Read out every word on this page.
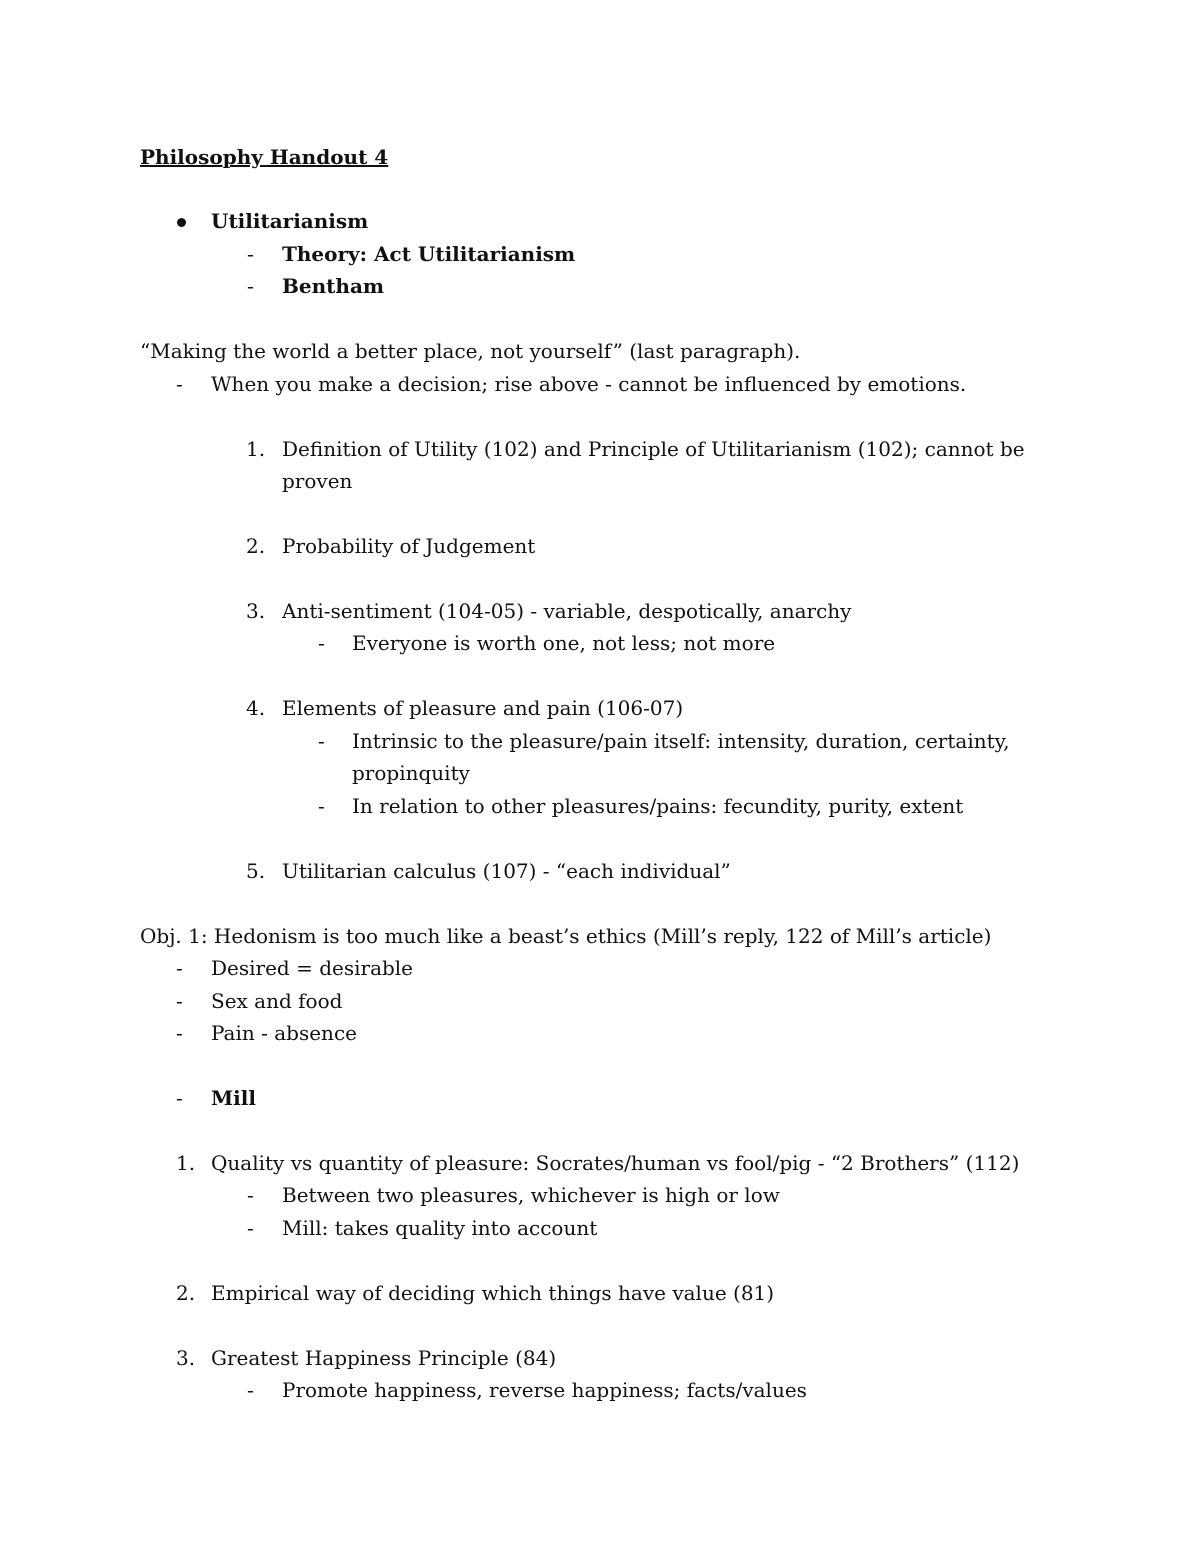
Philosophy Handout 4
Utilitarianism
- Theory: Act Utilitarianism
- Bentham
“Making the world a better place, not yourself” (last paragraph).
- When you make a decision; rise above - cannot be influenced by emotions.
1. Definition of Utility (102) and Principle of Utilitarianism (102); cannot be
proven
2. Probability of Judgement
3. Anti-sentiment (104-05) - variable, despotically, anarchy
- Everyone is worth one, not less; not more
4. Elements of pleasure and pain (106-07)
- Intrinsic to the pleasure/pain itself: intensity, duration, certainty,
propinquity
- In relation to other pleasures/pains: fecundity, purity, extent
5. Utilitarian calculus (107) - “each individual”
Obj. 1: Hedonism is too much like a beast’s ethics (Mill’s reply, 122 of Mill’s article)
- Desired = desirable
- Sex and food
- Pain - absence
- Mill
1. Quality vs quantity of pleasure: Socrates/human vs fool/pig - “2 Brothers” (112)
- Between two pleasures, whichever is high or low
- Mill: takes quality into account
2. Empirical way of deciding which things have value (81)
3. Greatest Happiness Principle (84)
- Promote happiness, reverse happiness; facts/values
